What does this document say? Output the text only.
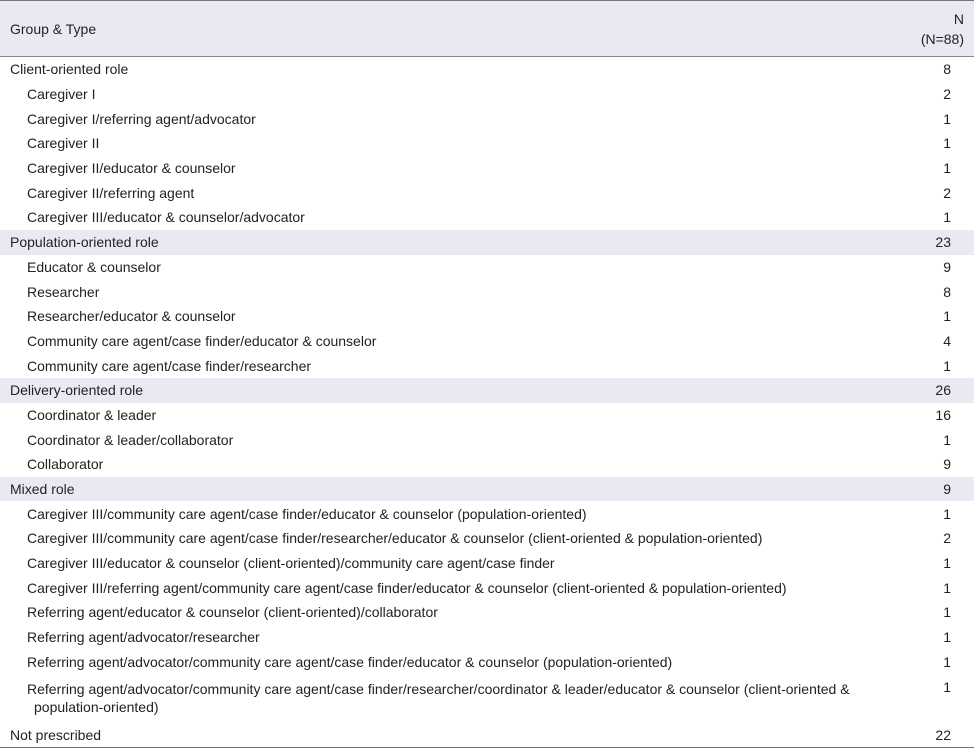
Group & Type	N
(N=88)
Client-oriented role	8
Caregiver I	2
Caregiver I/referring agent/advocator	1
Caregiver II	1
Caregiver II/educator & counselor	1
Caregiver II/referring agent	2
Caregiver III/educator & counselor/advocator	1
Population-oriented role	23
Educator & counselor	9
Researcher	8
Researcher/educator & counselor	1
Community care agent/case finder/educator & counselor	4
Community care agent/case finder/researcher	1
Delivery-oriented role	26
Coordinator & leader	16
Coordinator & leader/collaborator	1
Collaborator	9
Mixed role	9
Caregiver III/community care agent/case finder/educator & counselor (population-oriented)	1
Caregiver III/community care agent/case finder/researcher/educator & counselor (client-oriented & population-oriented)	2
Caregiver III/educator & counselor (client-oriented)/community care agent/case finder	1
Caregiver III/referring agent/community care agent/case finder/educator & counselor (client-oriented & population-oriented)	1
Referring agent/educator & counselor (client-oriented)/collaborator	1
Referring agent/advocator/researcher	1
Referring agent/advocator/community care agent/case finder/educator & counselor (population-oriented)	1

Referring agent/advocator/community care agent/case finder/researcher/coordinator & leader/educator & counselor (client-oriented &
population-oriented)	1
Not prescribed	22
